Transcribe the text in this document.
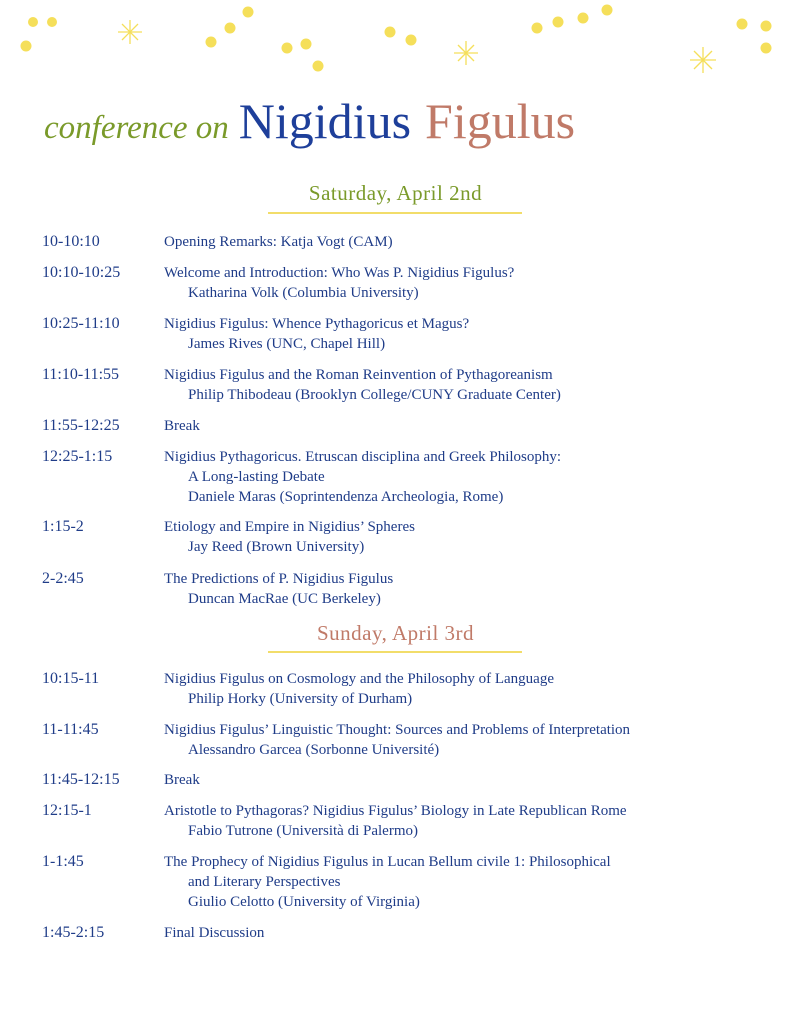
conference on Nigidius Figulus
Saturday, April 2nd
Sunday, April 3rd
10-10:10	Opening Remarks: Katja Vogt (CAM)
10:10-10:25	Welcome and Introduction: Who Was P. Nigidius Figulus?
Katharina Volk (Columbia University)
10:25-11:10	Nigidius Figulus: Whence Pythagoricus et Magus?
James Rives (UNC, Chapel Hill)
11:10-11:55	Nigidius Figulus and the Roman Reinvention of Pythagoreanism
Philip Thibodeau (Brooklyn College/CUNY Graduate Center)
11:55-12:25	Break
12:25-1:15	Nigidius Pythagoricus. Etruscan disciplina and Greek Philosophy:
A Long-lasting Debate
Daniele Maras (Soprintendenza Archeologia, Rome)
1:15-2	Etiology and Empire in Nigidius’ Spheres
Jay Reed (Brown University)
2-2:45	The Predictions of P. Nigidius Figulus
Duncan MacRae (UC Berkeley)
10:15-11	Nigidius Figulus on Cosmology and the Philosophy of Language
Philip Horky (University of Durham)
11-11:45	Nigidius Figulus’ Linguistic Thought: Sources and Problems of Interpretation
Alessandro Garcea (Sorbonne Université)
11:45-12:15	Break
12:15-1	Aristotle to Pythagoras? Nigidius Figulus’ Biology in Late Republican Rome
Fabio Tutrone (Università di Palermo)
1-1:45	The Prophecy of Nigidius Figulus in Lucan Bellum civile 1: Philosophical
and Literary Perspectives
Giulio Celotto (University of Virginia)
1:45-2:15	Final Discussion
